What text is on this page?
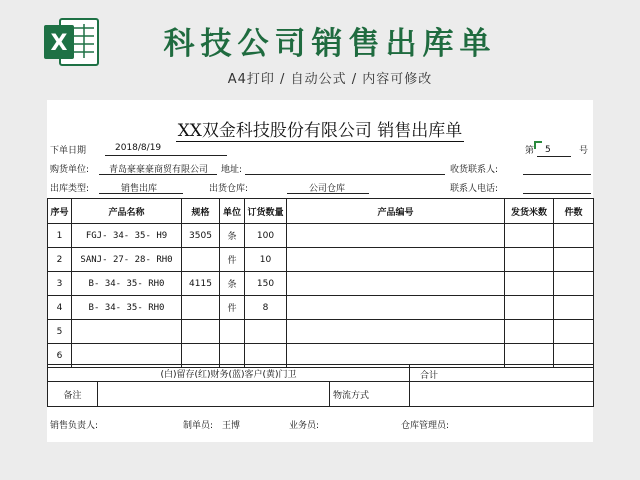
X	科技公司销售出库单
A4打印 / 自动公式 / 内容可修改
XX双金科技股份有限公司 销售出库单
下单日期	2018/8/19	第 5	号
购货单位: 青岛豪豪豪商贸有限公司 地址:	收货联系人:
出库类型:	销售出库	出货仓库:	公司仓库	联系人电话:
序号	产品名称	规格	单位	订货数量	产品编号	发货米数	件数
1	FGJ- 34- 35- H9	3505	条	100			
2	SANJ- 27- 28- RH0		件	10			
3	B- 34- 35- RH0	4115	条	150			
4	B- 34- 35- RH0		件	8			
5							
6							
(白)留存(红)财务(蓝)客户(黄)门卫			合计
备注		物流方式	
销售负责人:	制单员: 王博	业务员:	仓库管理员:
